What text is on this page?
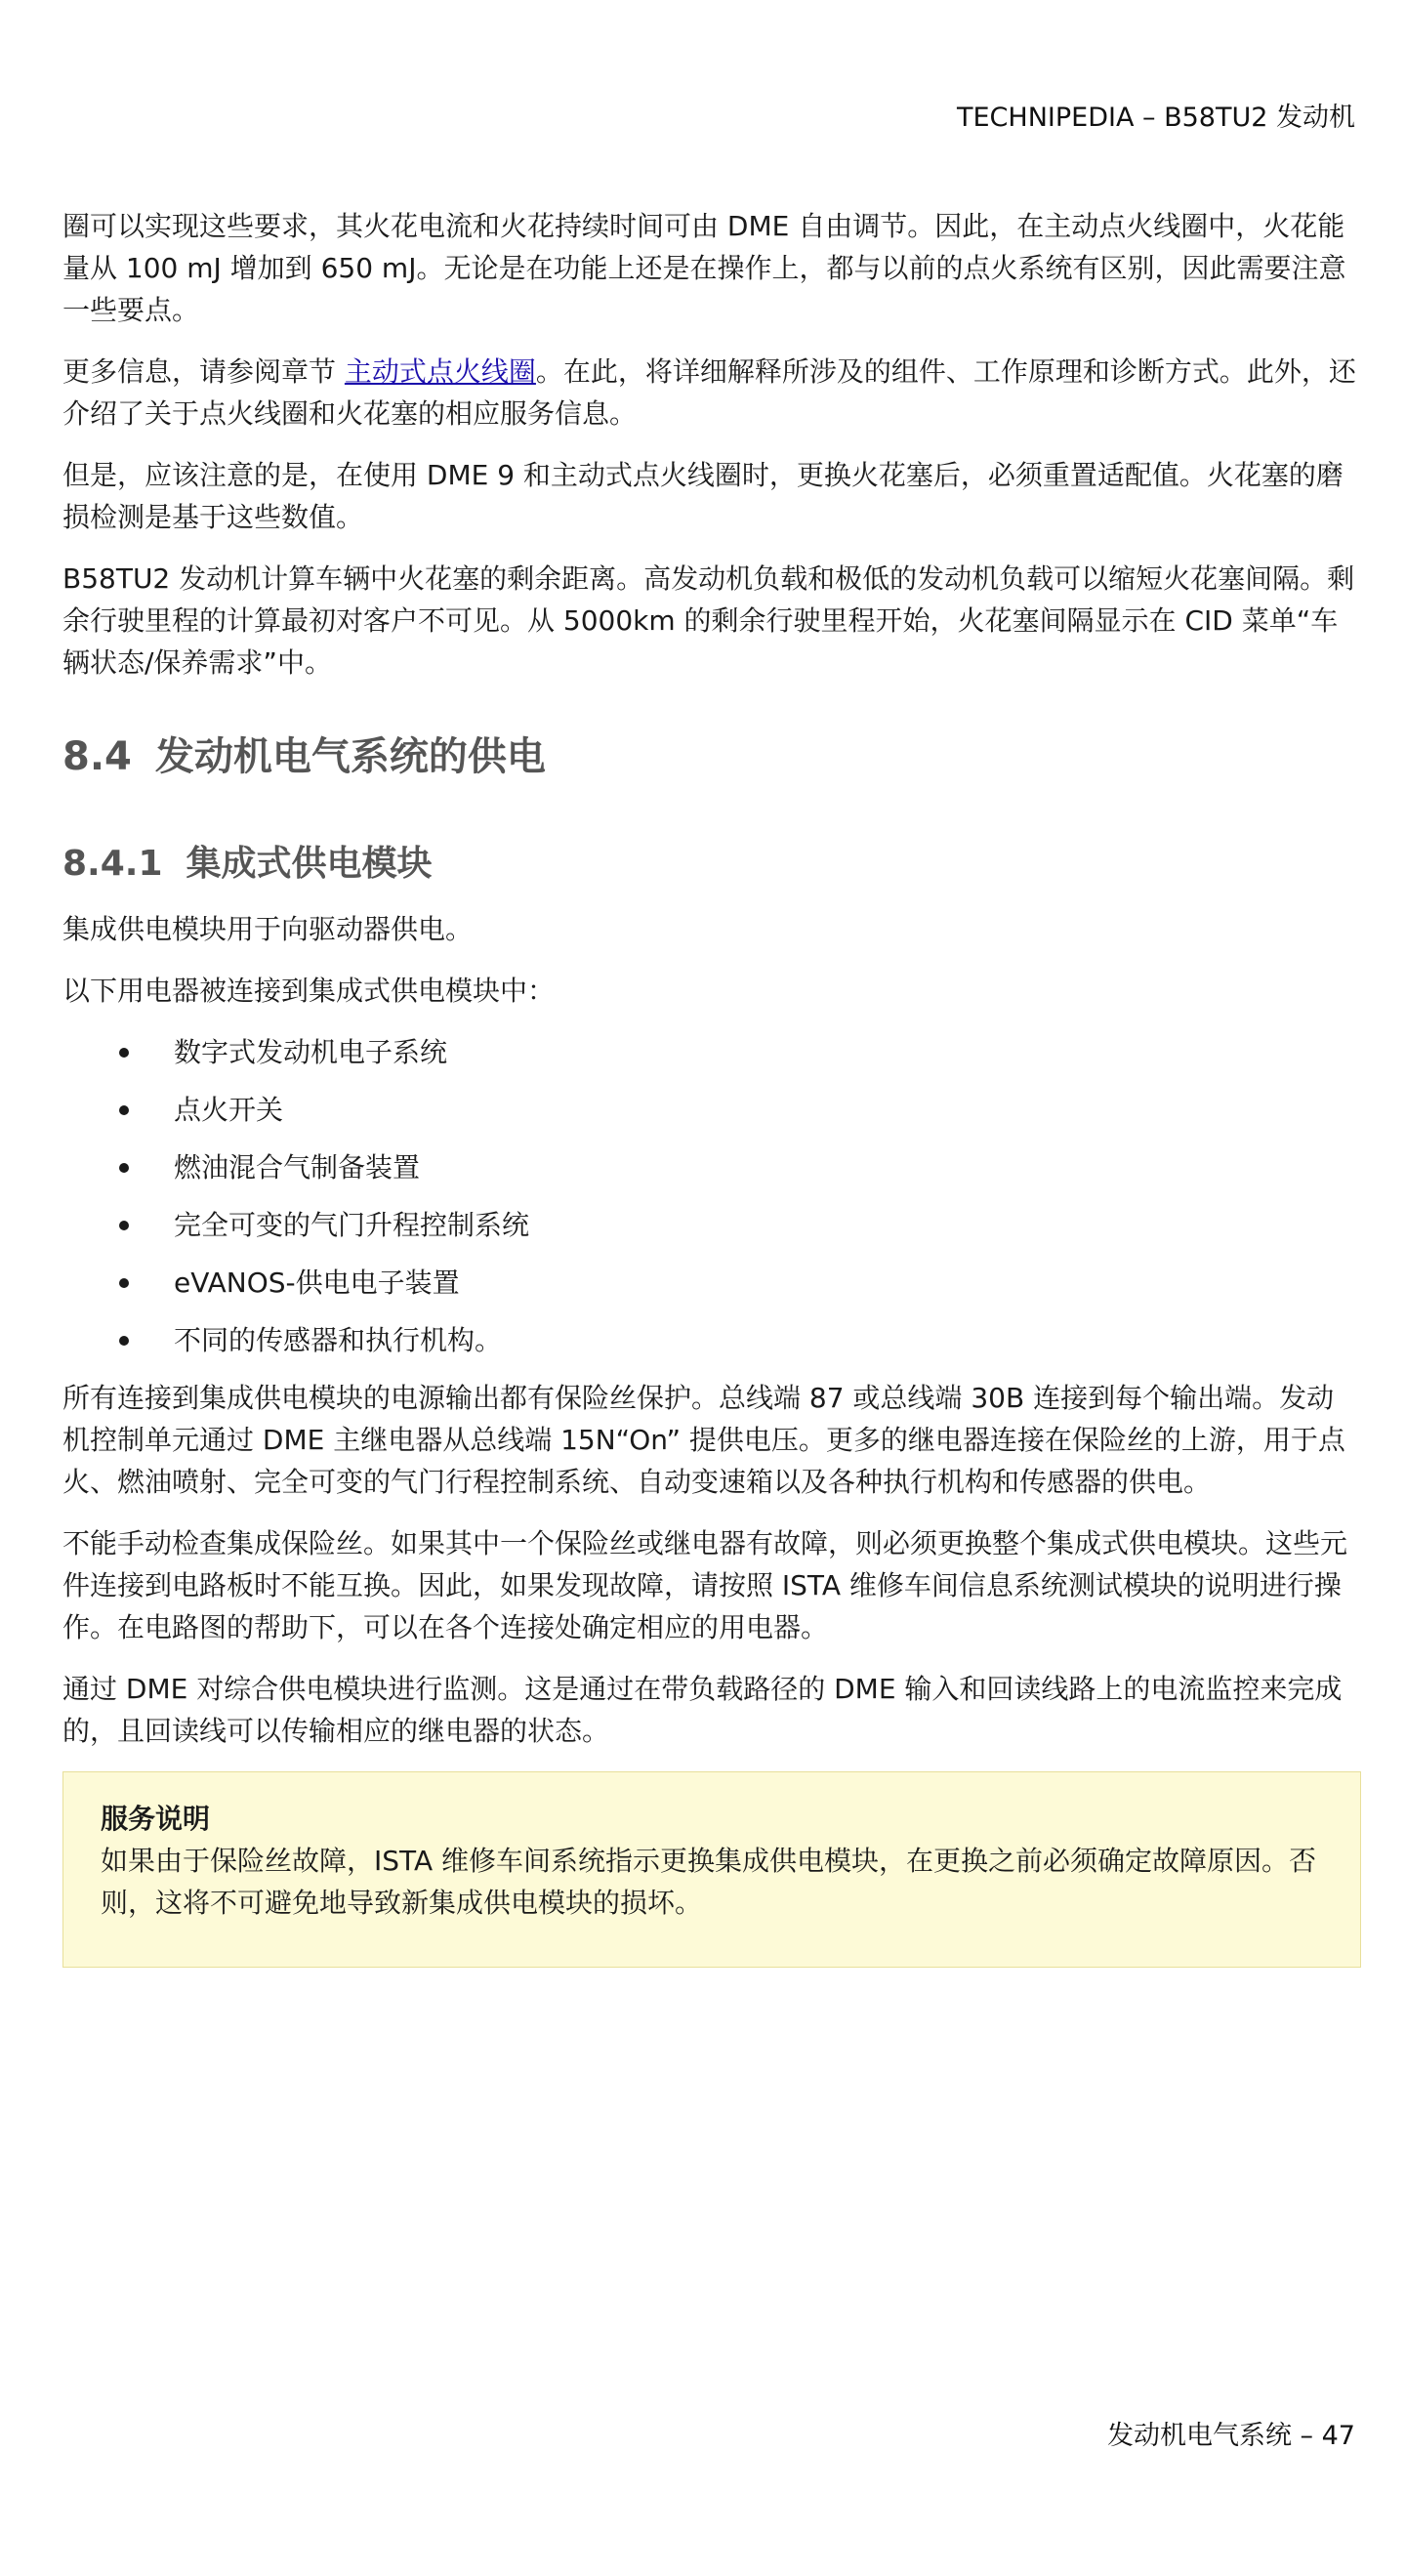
TECHNIPEDIA – B58TU2 发动机

圈可以实现这些要求，其火花电流和火花持续时间可由 DME 自由调节。因此，在主动点火线圈中，火花能量从 100 mJ 增加到 650 mJ。无论是在功能上还是在操作上，都与以前的点火系统有区别，因此需要注意一些要点。

更多信息，请参阅章节 主动式点火线圈。在此，将详细解释所涉及的组件、工作原理和诊断方式。此外，还介绍了关于点火线圈和火花塞的相应服务信息。

但是，应该注意的是，在使用 DME 9 和主动式点火线圈时，更换火花塞后，必须重置适配值。火花塞的磨损检测是基于这些数值。

B58TU2 发动机计算车辆中火花塞的剩余距离。高发动机负载和极低的发动机负载可以缩短火花塞间隔。剩余行驶里程的计算最初对客户不可见。从 5000km 的剩余行驶里程开始，火花塞间隔显示在 CID 菜单“车辆状态/保养需求”中。

8.4 发动机电气系统的供电
8.4.1 集成式供电模块

集成供电模块用于向驱动器供电。

以下用电器被连接到集成式供电模块中：

数字式发动机电子系统
点火开关
燃油混合气制备装置
完全可变的气门升程控制系统
eVANOS-供电电子装置
不同的传感器和执行机构。

所有连接到集成供电模块的电源输出都有保险丝保护。总线端 87 或总线端 30B 连接到每个输出端。发动机控制单元通过 DME 主继电器从总线端 15N“On” 提供电压。更多的继电器连接在保险丝的上游，用于点火、燃油喷射、完全可变的气门行程控制系统、自动变速箱以及各种执行机构和传感器的供电。

不能手动检查集成保险丝。如果其中一个保险丝或继电器有故障，则必须更换整个集成式供电模块。这些元件连接到电路板时不能互换。因此，如果发现故障，请按照 ISTA 维修车间信息系统测试模块的说明进行操作。在电路图的帮助下，可以在各个连接处确定相应的用电器。

通过 DME 对综合供电模块进行监测。这是通过在带负载路径的 DME 输入和回读线路上的电流监控来完成的，且回读线可以传输相应的继电器的状态。

服务说明

如果由于保险丝故障，ISTA 维修车间系统指示更换集成供电模块，在更换之前必须确定故障原因。否则，这将不可避免地导致新集成供电模块的损坏。

发动机电气系统 – 47
